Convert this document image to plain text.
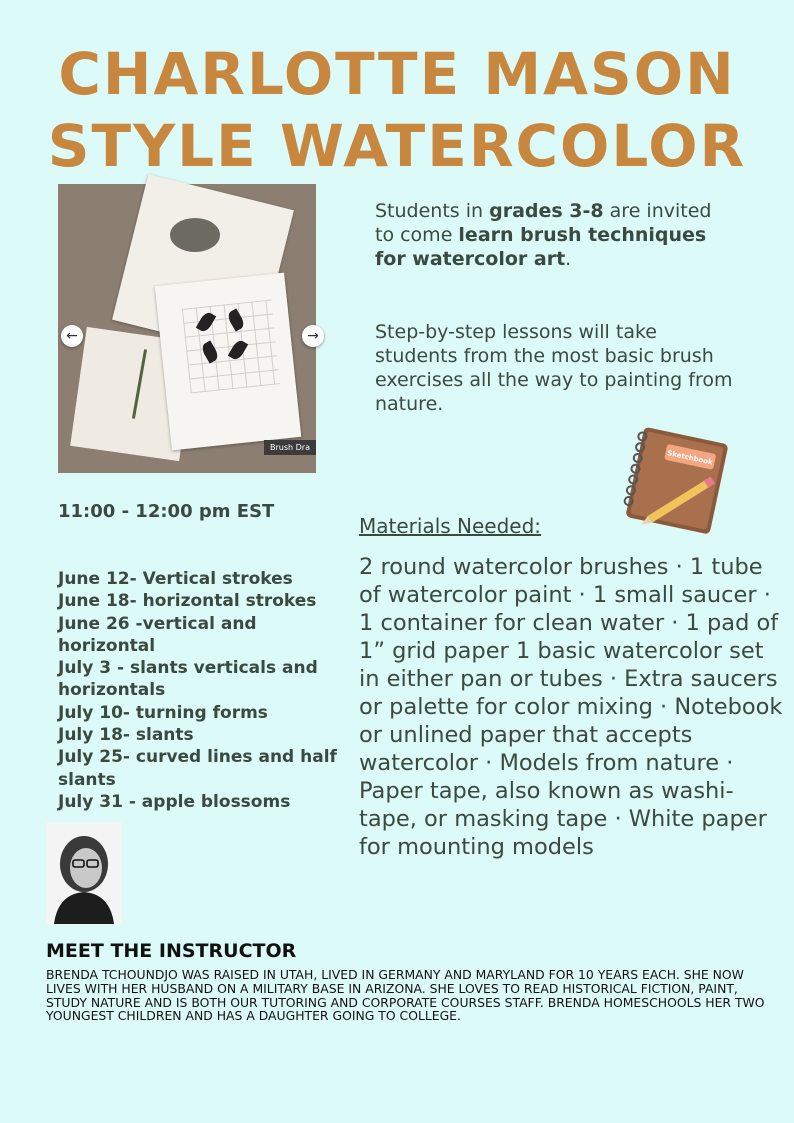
CHARLOTTE MASON
STYLE WATERCOLOR
←	→
Brush Dra

Students in grades 3-8 are invited to come learn brush techniques for watercolor art.

Step-by-step lessons will take students from the most basic brush exercises all the way to painting from nature.

Sketchbook

11:00 - 12:00 pm EST

June 12- Vertical strokes
June 18- horizontal strokes
June 26 -vertical and horizontal
July 3 - slants verticals and horizontals
July 10- turning forms
July 18- slants
July 25- curved lines and half slants
July 31 - apple blossoms

Materials Needed:

2 round watercolor brushes · 1 tube of watercolor paint · 1 small saucer · 1 container for clean water · 1 pad of 1” grid paper 1 basic watercolor set in either pan or tubes · Extra saucers or palette for color mixing · Notebook or unlined paper that accepts watercolor · Models from nature · Paper tape, also known as washi-tape, or masking tape · White paper for mounting models

MEET THE INSTRUCTOR

BRENDA TCHOUNDJO WAS RAISED IN UTAH, LIVED IN GERMANY AND MARYLAND FOR 10 YEARS EACH. SHE NOW LIVES WITH HER HUSBAND ON A MILITARY BASE IN ARIZONA. SHE LOVES TO READ HISTORICAL FICTION, PAINT, STUDY NATURE AND IS BOTH OUR TUTORING AND CORPORATE COURSES STAFF. BRENDA HOMESCHOOLS HER TWO YOUNGEST CHILDREN AND HAS A DAUGHTER GOING TO COLLEGE.
